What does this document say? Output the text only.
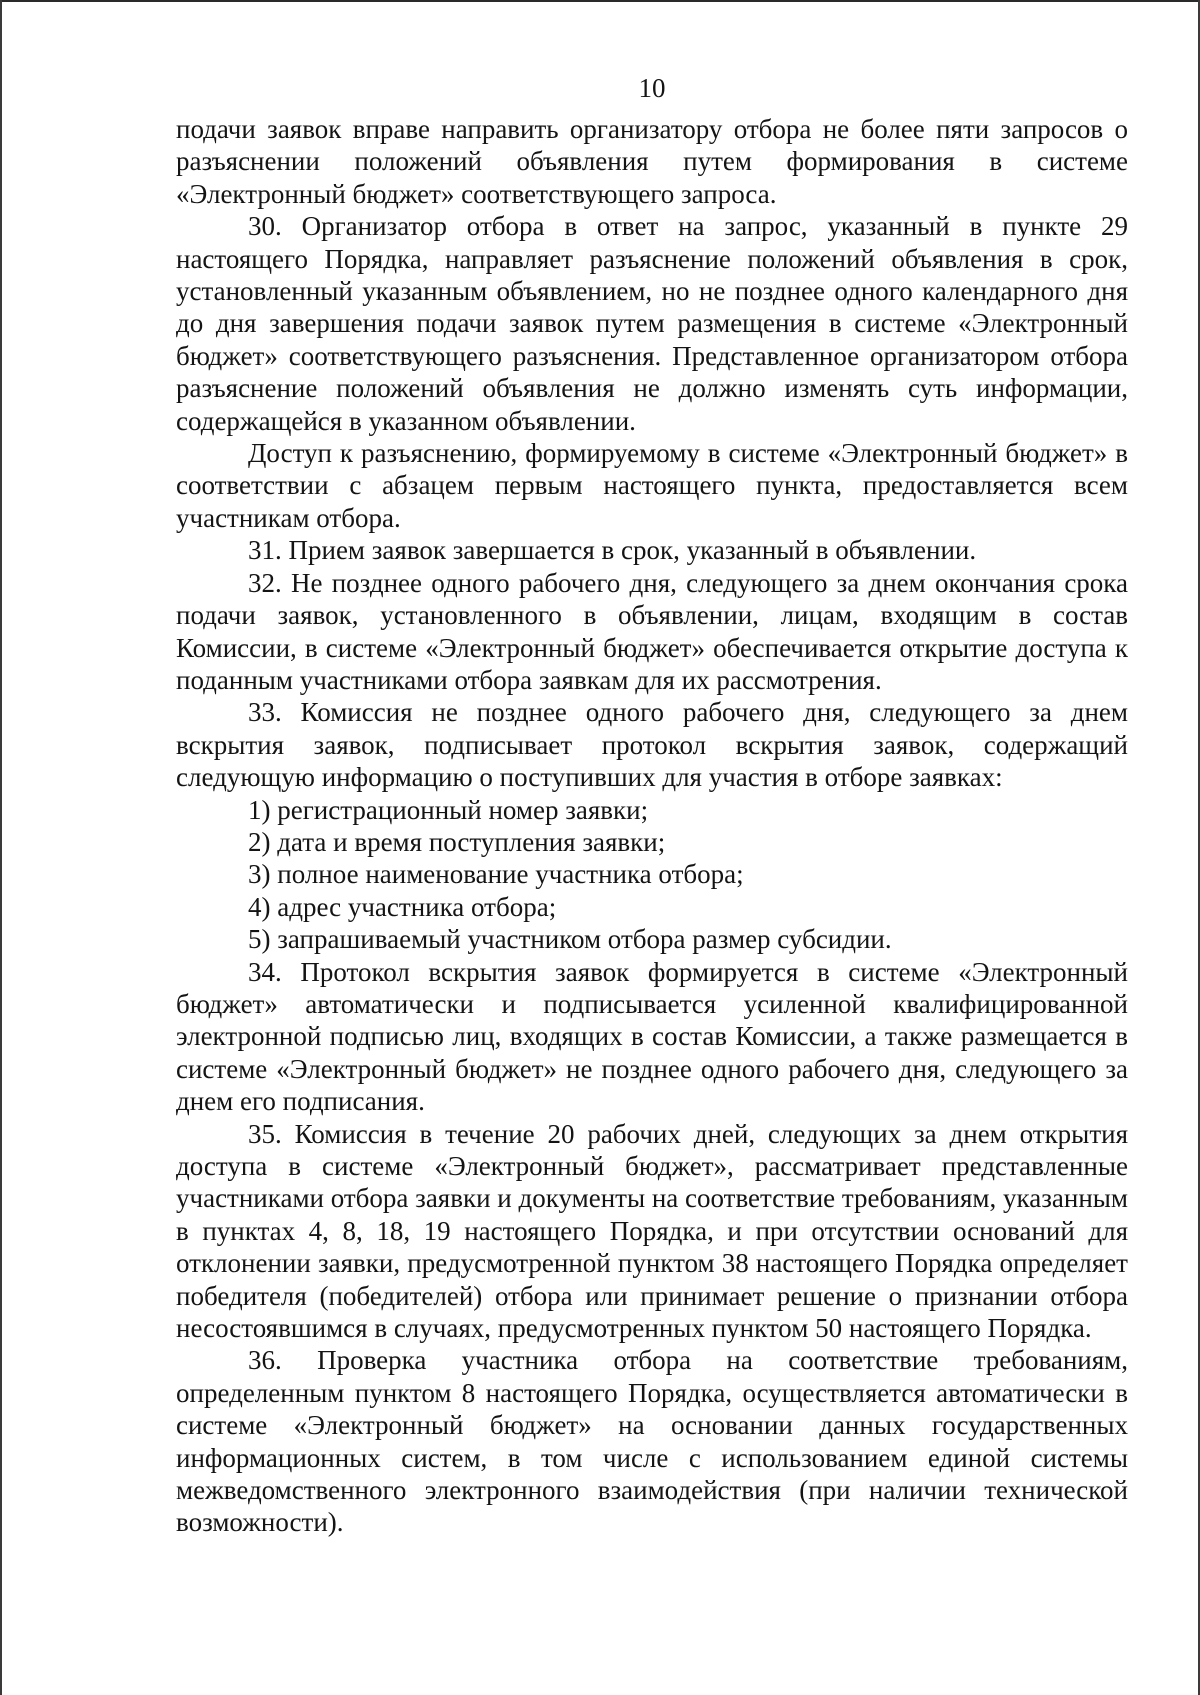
10

подачи заявок вправе направить организатору отбора не более пяти запросов о разъяснении положений объявления путем формирования в системе «Электронный бюджет» соответствующего запроса.

30. Организатор отбора в ответ на запрос, указанный в пункте 29 настоящего Порядка, направляет разъяснение положений объявления в срок, установленный указанным объявлением, но не позднее одного календарного дня до дня завершения подачи заявок путем размещения в системе «Электронный бюджет» соответствующего разъяснения. Представленное организатором отбора разъяснение положений объявления не должно изменять суть информации, содержащейся в указанном объявлении.

Доступ к разъяснению, формируемому в системе «Электронный бюджет» в соответствии с абзацем первым настоящего пункта, предоставляется всем участникам отбора.

31. Прием заявок завершается в срок, указанный в объявлении.

32. Не позднее одного рабочего дня, следующего за днем окончания срока подачи заявок, установленного в объявлении, лицам, входящим в состав Комиссии, в системе «Электронный бюджет» обеспечивается открытие доступа к поданным участниками отбора заявкам для их рассмотрения.

33. Комиссия не позднее одного рабочего дня, следующего за днем вскрытия заявок, подписывает протокол вскрытия заявок, содержащий следующую информацию о поступивших для участия в отборе заявках:

1) регистрационный номер заявки;

2) дата и время поступления заявки;

3) полное наименование участника отбора;

4) адрес участника отбора;

5) запрашиваемый участником отбора размер субсидии.

34. Протокол вскрытия заявок формируется в системе «Электронный бюджет» автоматически и подписывается усиленной квалифицированной электронной подписью лиц, входящих в состав Комиссии, а также размещается в системе «Электронный бюджет» не позднее одного рабочего дня, следующего за днем его подписания.

35. Комиссия в течение 20 рабочих дней, следующих за днем открытия доступа в системе «Электронный бюджет», рассматривает представленные участниками отбора заявки и документы на соответствие требованиям, указанным в пунктах 4, 8, 18, 19 настоящего Порядка, и при отсутствии оснований для отклонении заявки, предусмотренной пунктом 38 настоящего Порядка определяет победителя (победителей) отбора или принимает решение о признании отбора несостоявшимся в случаях, предусмотренных пунктом 50 настоящего Порядка.

36. Проверка участника отбора на соответствие требованиям, определенным пунктом 8 настоящего Порядка, осуществляется автоматически в системе «Электронный бюджет» на основании данных государственных информационных систем, в том числе с использованием единой системы межведомственного электронного взаимодействия (при наличии технической возможности).
